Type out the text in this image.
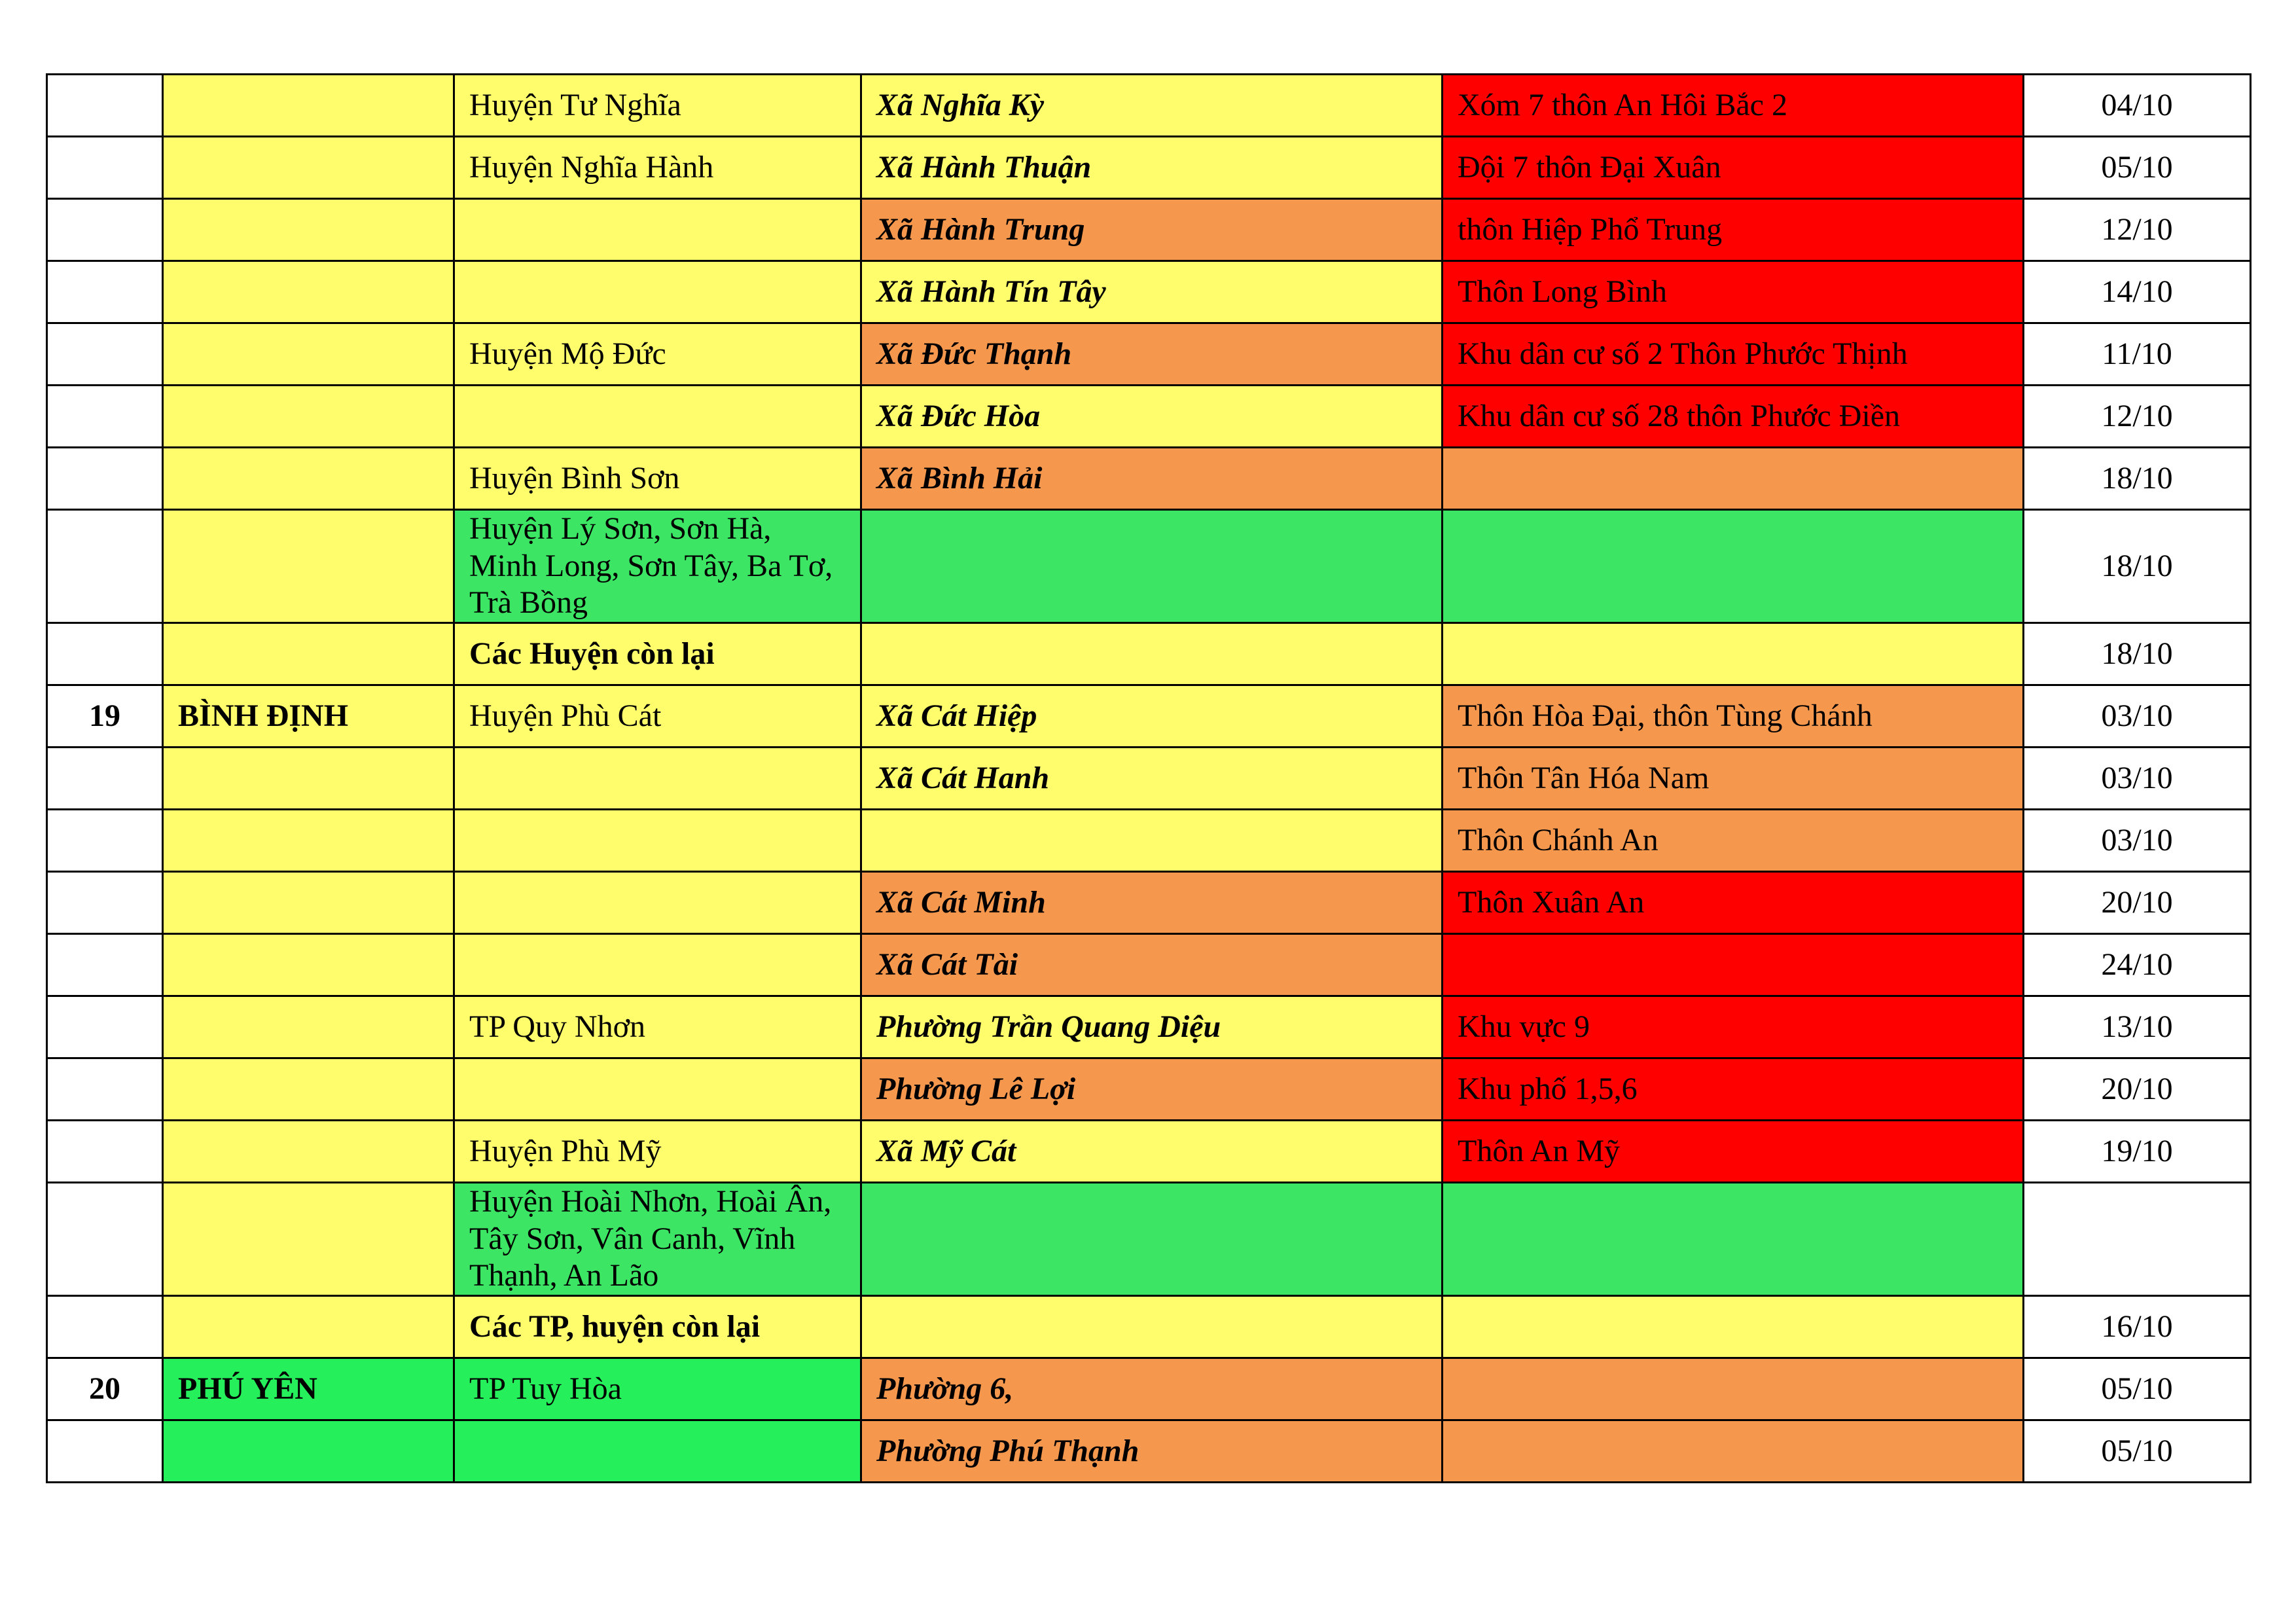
		Huyện Tư Nghĩa	Xã Nghĩa Kỳ	Xóm 7 thôn An Hôi Bắc 2	04/10
		Huyện Nghĩa Hành	Xã Hành Thuận	Đội 7 thôn Đại Xuân	05/10
			Xã Hành Trung	thôn Hiệp Phổ Trung	12/10
			Xã Hành Tín Tây	Thôn Long Bình	14/10
		Huyện Mộ Đức	Xã Đức Thạnh	Khu dân cư số 2 Thôn Phước Thịnh	11/10
			Xã Đức Hòa	Khu dân cư số 28 thôn Phước Điền	12/10
		Huyện Bình Sơn	Xã Bình Hải		18/10
		Huyện Lý Sơn, Sơn Hà, Minh Long, Sơn Tây, Ba Tơ, Trà Bồng			18/10
		Các Huyện còn lại			18/10
19	BÌNH ĐỊNH	Huyện Phù Cát	Xã Cát Hiệp	Thôn Hòa Đại, thôn Tùng Chánh	03/10
			Xã Cát Hanh	Thôn Tân Hóa Nam	03/10
				Thôn Chánh An	03/10
			Xã Cát Minh	Thôn Xuân An	20/10
			Xã Cát Tài		24/10
		TP Quy Nhơn	Phường Trần Quang Diệu	Khu vực 9	13/10
			Phường Lê Lợi	Khu phố 1,5,6	20/10
		Huyện Phù Mỹ	Xã Mỹ Cát	Thôn An Mỹ	19/10
		Huyện Hoài Nhơn, Hoài Ân, Tây Sơn, Vân Canh, Vĩnh Thạnh, An Lão			
		Các TP, huyện còn lại			16/10
20	PHÚ YÊN	TP Tuy Hòa	Phường 6,		05/10
			Phường Phú Thạnh		05/10
